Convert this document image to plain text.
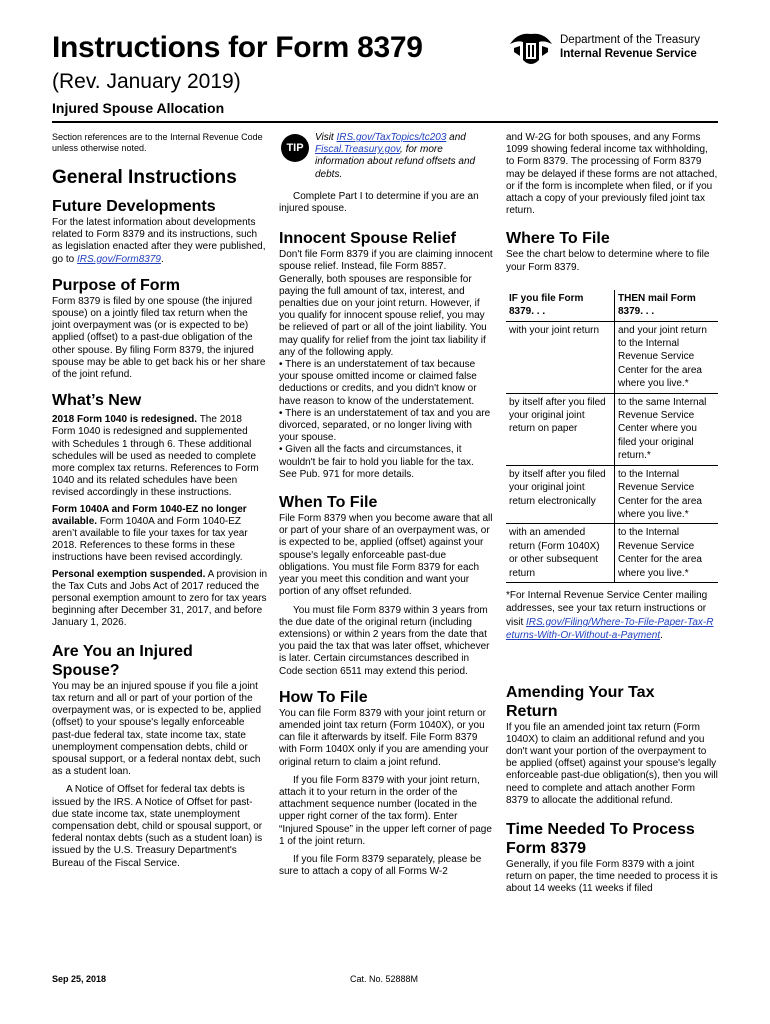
Instructions for Form 8379
(Rev. January 2019)
Injured Spouse Allocation
Department of the Treasury
Internal Revenue Service

Section references are to the Internal Revenue Code unless otherwise noted.

General Instructions
Future Developments

For the latest information about developments related to Form 8379 and its instructions, such as legislation enacted after they were published, go to IRS.gov/Form8379.

Purpose of Form

Form 8379 is filed by one spouse (the injured spouse) on a jointly filed tax return when the joint overpayment was (or is expected to be) applied (offset) to a past-due obligation of the other spouse. By filing Form 8379, the injured spouse may be able to get back his or her share of the joint refund.

What’s New

2018 Form 1040 is redesigned. The 2018 Form 1040 is redesigned and supplemented with Schedules 1 through 6. These additional schedules will be used as needed to complete more complex tax returns. References to Form 1040 and its related schedules have been revised accordingly in these instructions.

Form 1040A and Form 1040-EZ no longer available. Form 1040A and Form 1040-EZ aren’t available to file your taxes for tax year 2018. References to these forms in these instructions have been revised accordingly.

Personal exemption suspended. A provision in the Tax Cuts and Jobs Act of 2017 reduced the personal exemption amount to zero for tax years beginning after December 31, 2017, and before January 1, 2026.

Are You an Injured Spouse?

You may be an injured spouse if you file a joint tax return and all or part of your portion of the overpayment was, or is expected to be, applied (offset) to your spouse's legally enforceable past-due federal tax, state income tax, state unemployment compensation debts, child or spousal support, or a federal nontax debt, such as a student loan.

A Notice of Offset for federal tax debts is issued by the IRS. A Notice of Offset for past-due state income tax, state unemployment compensation debt, child or spousal support, or federal nontax debts (such as a student loan) is issued by the U.S. Treasury Department's Bureau of the Fiscal Service.

TIP

Visit IRS.gov/TaxTopics/tc203 and Fiscal.Treasury.gov, for more information about refund offsets and debts.

Complete Part I to determine if you are an injured spouse.

Innocent Spouse Relief

Don't file Form 8379 if you are claiming innocent spouse relief. Instead, file Form 8857. Generally, both spouses are responsible for paying the full amount of tax, interest, and penalties due on your joint return. However, if you qualify for innocent spouse relief, you may be relieved of part or all of the joint liability. You may qualify for relief from the joint tax liability if any of the following apply.

• There is an understatement of tax because your spouse omitted income or claimed false deductions or credits, and you didn't know or have reason to know of the understatement.

• There is an understatement of tax and you are divorced, separated, or no longer living with your spouse.

• Given all the facts and circumstances, it wouldn't be fair to hold you liable for the tax. See Pub. 971 for more details.

When To File

File Form 8379 when you become aware that all or part of your share of an overpayment was, or is expected to be, applied (offset) against your spouse's legally enforceable past-due obligations. You must file Form 8379 for each year you meet this condition and want your portion of any offset refunded.

You must file Form 8379 within 3 years from the due date of the original return (including extensions) or within 2 years from the date that you paid the tax that was later offset, whichever is later. Certain circumstances described in Code section 6511 may extend this period.

How To File

You can file Form 8379 with your joint return or amended joint tax return (Form 1040X), or you can file it afterwards by itself. File Form 8379 with Form 1040X only if you are amending your original return to claim a joint refund.

If you file Form 8379 with your joint return, attach it to your return in the order of the attachment sequence number (located in the upper right corner of the tax form). Enter “Injured Spouse” in the upper left corner of page 1 of the joint return.

If you file Form 8379 separately, please be sure to attach a copy of all Forms W-2

and W-2G for both spouses, and any Forms 1099 showing federal income tax withholding, to Form 8379. The processing of Form 8379 may be delayed if these forms are not attached, or if the form is incomplete when filed, or if you attach a copy of your previously filed joint tax return.

Where To File

See the chart below to determine where to file your Form 8379.

IF you file Form 8379. . .	THEN mail Form 8379. . .
with your joint return	and your joint return to the Internal Revenue Service Center for the area where you live.*
by itself after you filed your original joint return on paper	to the same Internal Revenue Service Center where you filed your original return.*
by itself after you filed your original joint return electronically	to the Internal Revenue Service Center for the area where you live.*
with an amended return (Form 1040X) or other subsequent return	to the Internal Revenue Service Center for the area where you live.*

*For Internal Revenue Service Center mailing addresses, see your tax return instructions or visit IRS.gov/Filing/Where-To-File-Paper-Tax-Returns-With-Or-Without-a-Payment.

Amending Your Tax Return

If you file an amended joint tax return (Form 1040X) to claim an additional refund and you don't want your portion of the overpayment to be applied (offset) against your spouse's legally enforceable past-due obligation(s), then you will need to complete and attach another Form 8379 to allocate the additional refund.

Time Needed To Process Form 8379

Generally, if you file Form 8379 with a joint return on paper, the time needed to process it is about 14 weeks (11 weeks if filed

Sep 25, 2018	Cat. No. 52888M
